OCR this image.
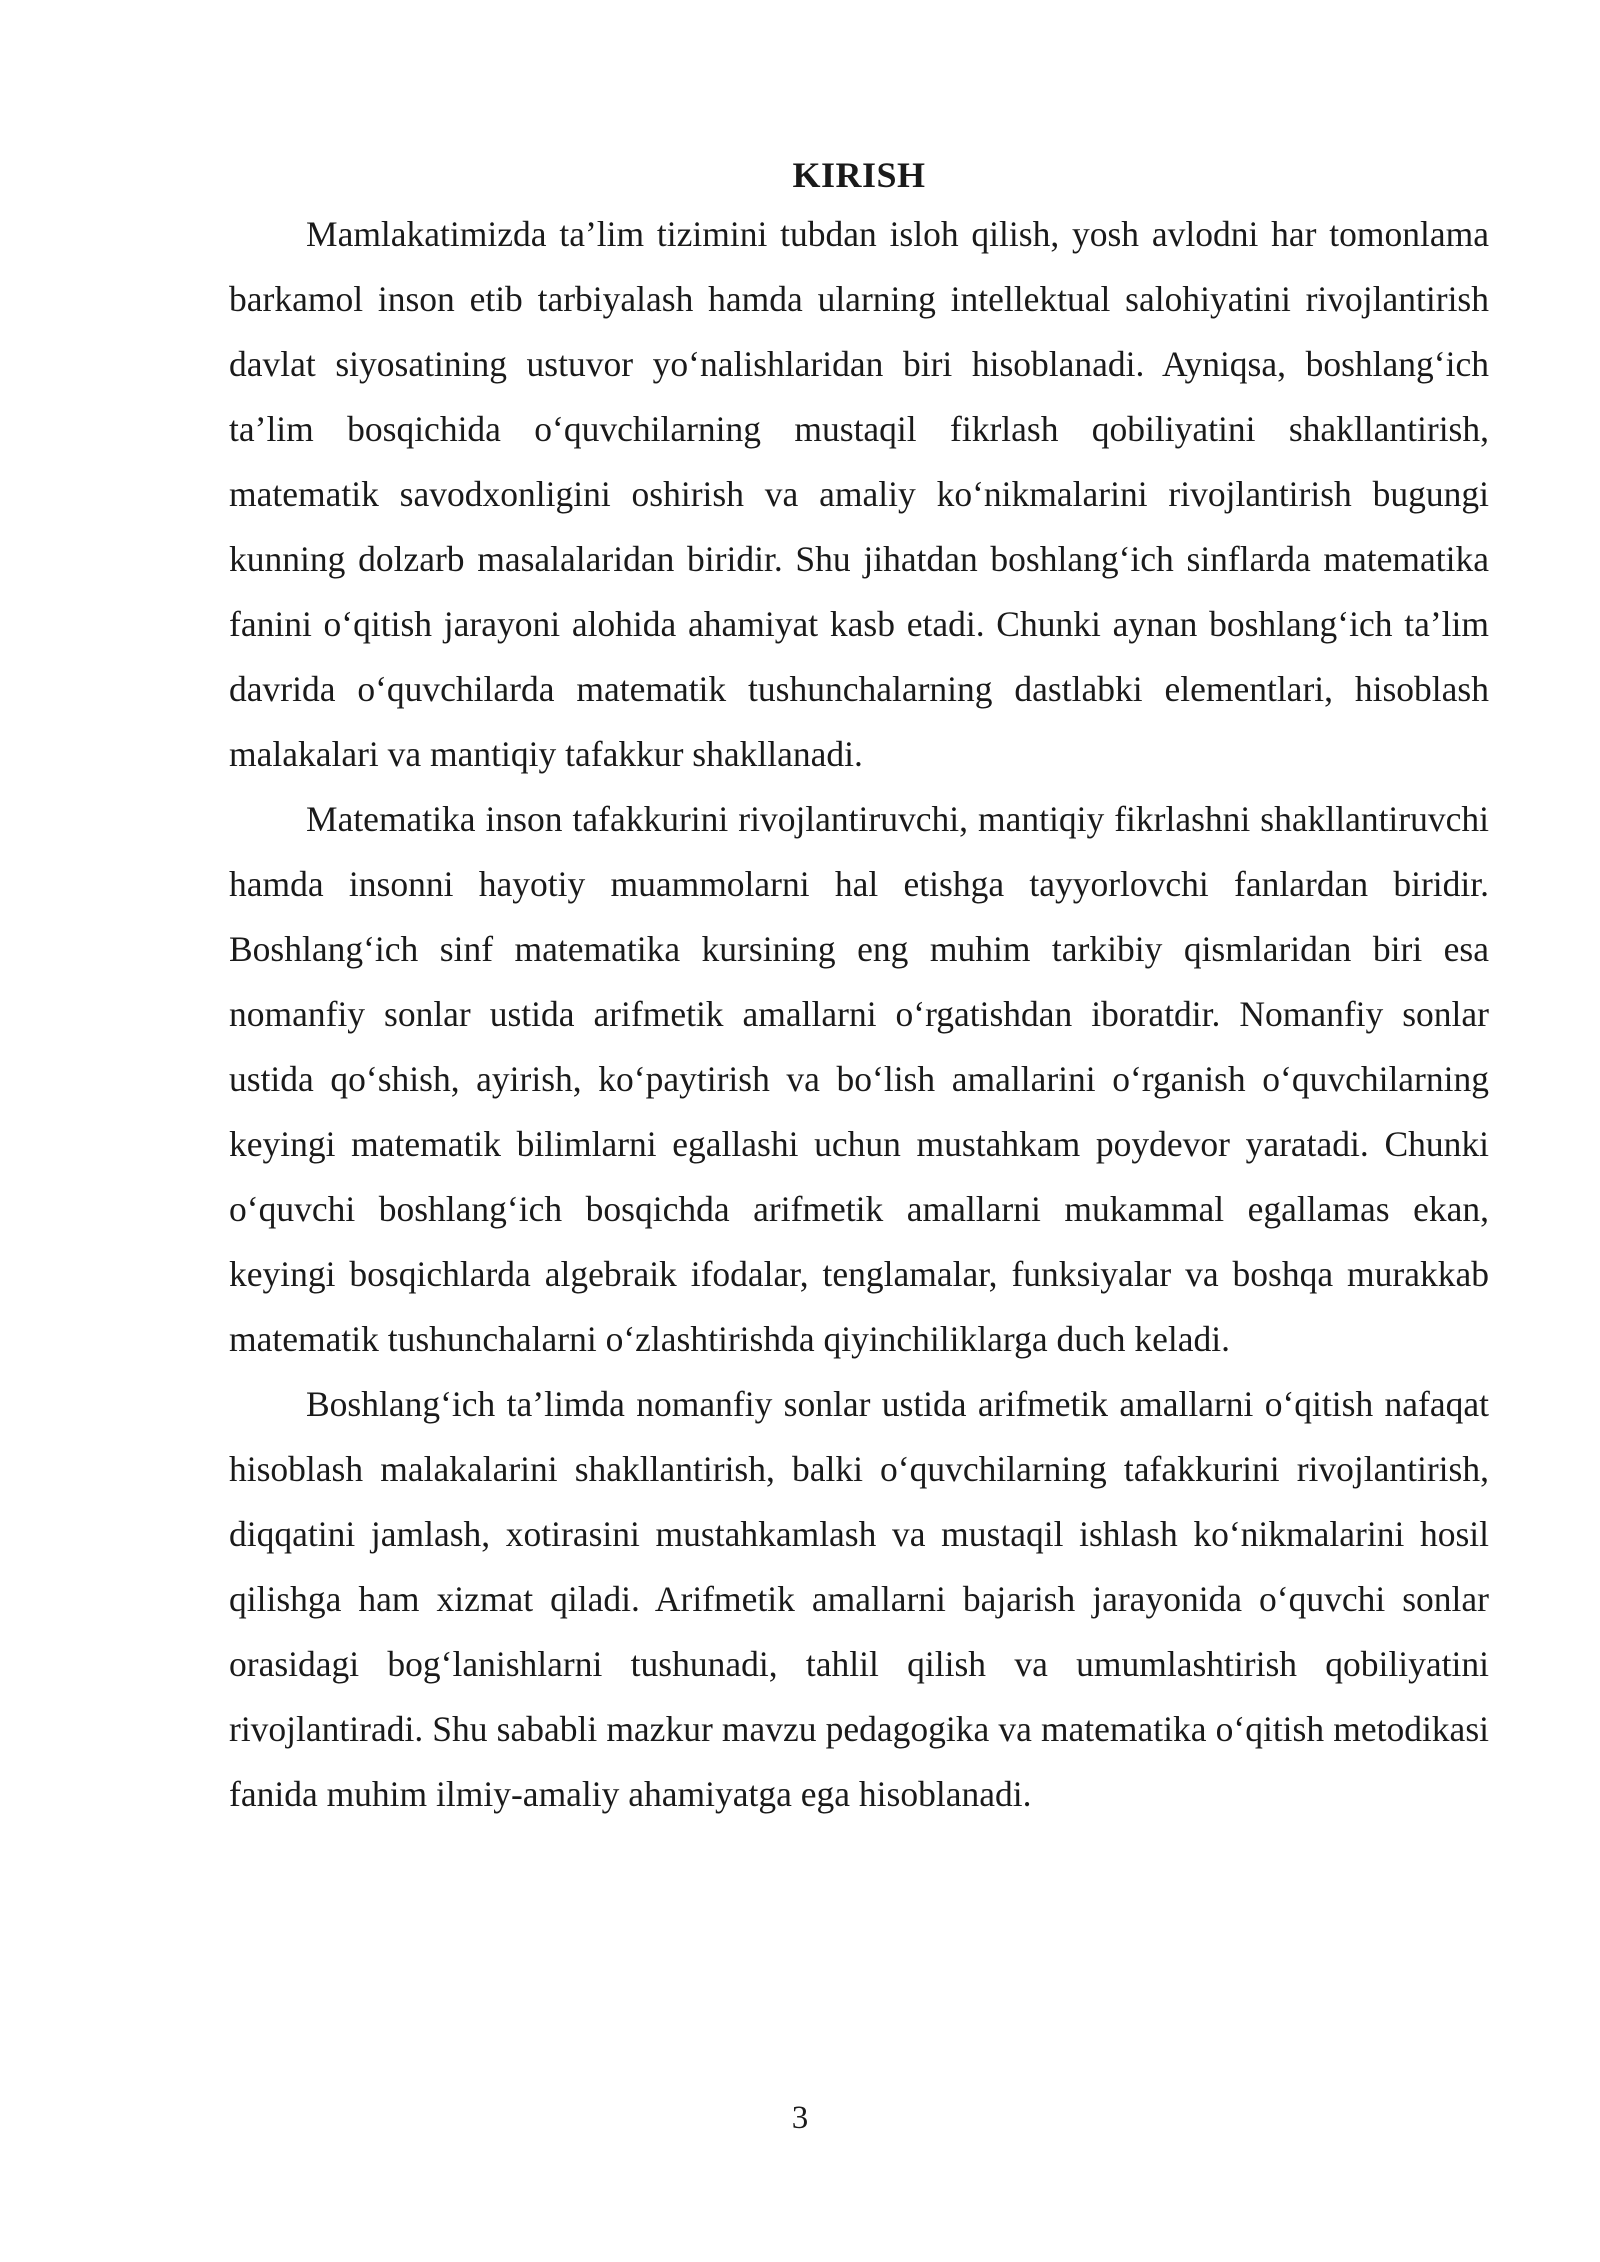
KIRISH

Mamlakatimizda ta’lim tizimini tubdan isloh qilish, yosh avlodni har tomonlama barkamol inson etib tarbiyalash hamda ularning intellektual salohiyatini rivojlantirish davlat siyosatining ustuvor yo‘nalishlaridan biri hisoblanadi. Ayniqsa, boshlang‘ich ta’lim bosqichida o‘quvchilarning mustaqil fikrlash qobiliyatini shakllantirish, matematik savodxonligini oshirish va amaliy ko‘nikmalarini rivojlantirish bugungi kunning dolzarb masalalaridan biridir. Shu jihatdan boshlang‘ich sinflarda matematika fanini o‘qitish jarayoni alohida ahamiyat kasb etadi. Chunki aynan boshlang‘ich ta’lim davrida o‘quvchilarda matematik tushunchalarning dastlabki elementlari, hisoblash malakalari va mantiqiy tafakkur shakllanadi.

Matematika inson tafakkurini rivojlantiruvchi, mantiqiy fikrlashni shakllantiruvchi hamda insonni hayotiy muammolarni hal etishga tayyorlovchi fanlardan biridir. Boshlang‘ich sinf matematika kursining eng muhim tarkibiy qismlaridan biri esa nomanfiy sonlar ustida arifmetik amallarni o‘rgatishdan iboratdir. Nomanfiy sonlar ustida qo‘shish, ayirish, ko‘paytirish va bo‘lish amallarini o‘rganish o‘quvchilarning keyingi matematik bilimlarni egallashi uchun mustahkam poydevor yaratadi. Chunki o‘quvchi boshlang‘ich bosqichda arifmetik amallarni mukammal egallamas ekan, keyingi bosqichlarda algebraik ifodalar, tenglamalar, funksiyalar va boshqa murakkab matematik tushunchalarni o‘zlashtirishda qiyinchiliklarga duch keladi.

Boshlang‘ich ta’limda nomanfiy sonlar ustida arifmetik amallarni o‘qitish nafaqat hisoblash malakalarini shakllantirish, balki o‘quvchilarning tafakkurini rivojlantirish, diqqatini jamlash, xotirasini mustahkamlash va mustaqil ishlash ko‘nikmalarini hosil qilishga ham xizmat qiladi. Arifmetik amallarni bajarish jarayonida o‘quvchi sonlar orasidagi bog‘lanishlarni tushunadi, tahlil qilish va umumlashtirish qobiliyatini rivojlantiradi. Shu sababli mazkur mavzu pedagogika va matematika o‘qitish metodikasi fanida muhim ilmiy-amaliy ahamiyatga ega hisoblanadi.

3
